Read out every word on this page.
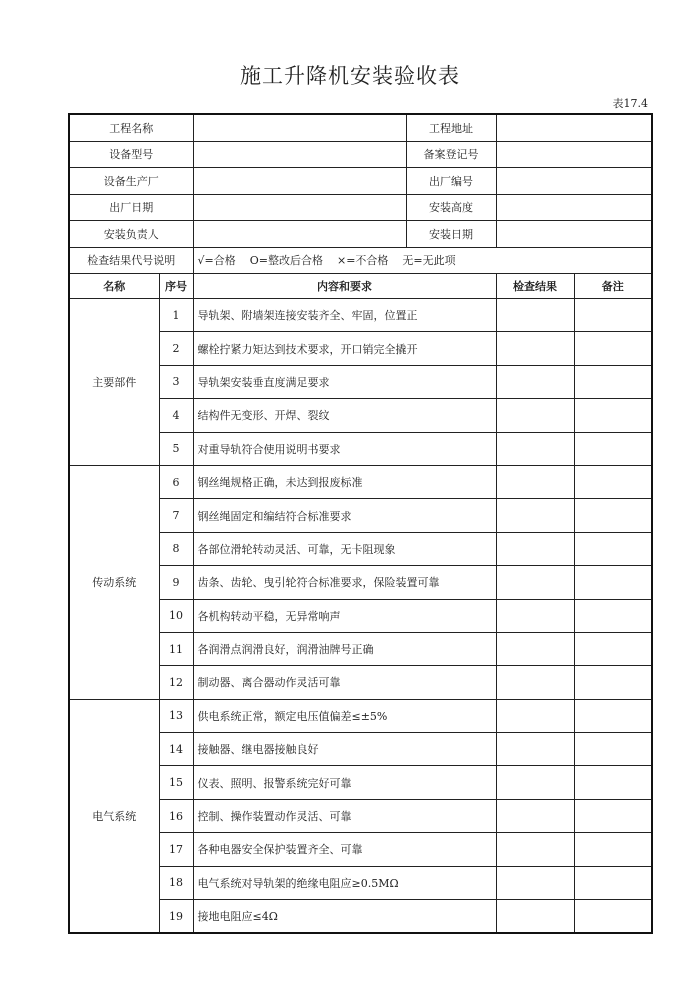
施工升降机安装验收表
表17.4
工程名称			工程地址		
设备型号			备案登记号		
设备生产厂			出厂编号		
出厂日期			安装高度		
安装负责人			安装日期		
检查结果代号说明		√=合格 O=整改后合格 ×=不合格 无=无此项			
名称	序号	内容和要求		检查结果	备注
主要部件	1	导轨架、附墙架连接安装齐全、牢固，位置正			
	2	螺栓拧紧力矩达到技术要求，开口销完全撬开			
	3	导轨架安装垂直度满足要求			
	4	结构件无变形、开焊、裂纹			
	5	对重导轨符合使用说明书要求			
传动系统	6	钢丝绳规格正确，未达到报废标准			
	7	钢丝绳固定和编结符合标准要求			
	8	各部位滑轮转动灵活、可靠，无卡阻现象			
	9	齿条、齿轮、曳引轮符合标准要求，保险装置可靠			
	10	各机构转动平稳，无异常响声			
	11	各润滑点润滑良好，润滑油牌号正确			
	12	制动器、离合器动作灵活可靠			
电气系统	13	供电系统正常，额定电压值偏差≤±5%			
	14	接触器、继电器接触良好			
	15	仪表、照明、报警系统完好可靠			
	16	控制、操作装置动作灵活、可靠			
	17	各种电器安全保护装置齐全、可靠			
	18	电气系统对导轨架的绝缘电阻应≥0.5MΩ			
	19	接地电阻应≤4Ω			
